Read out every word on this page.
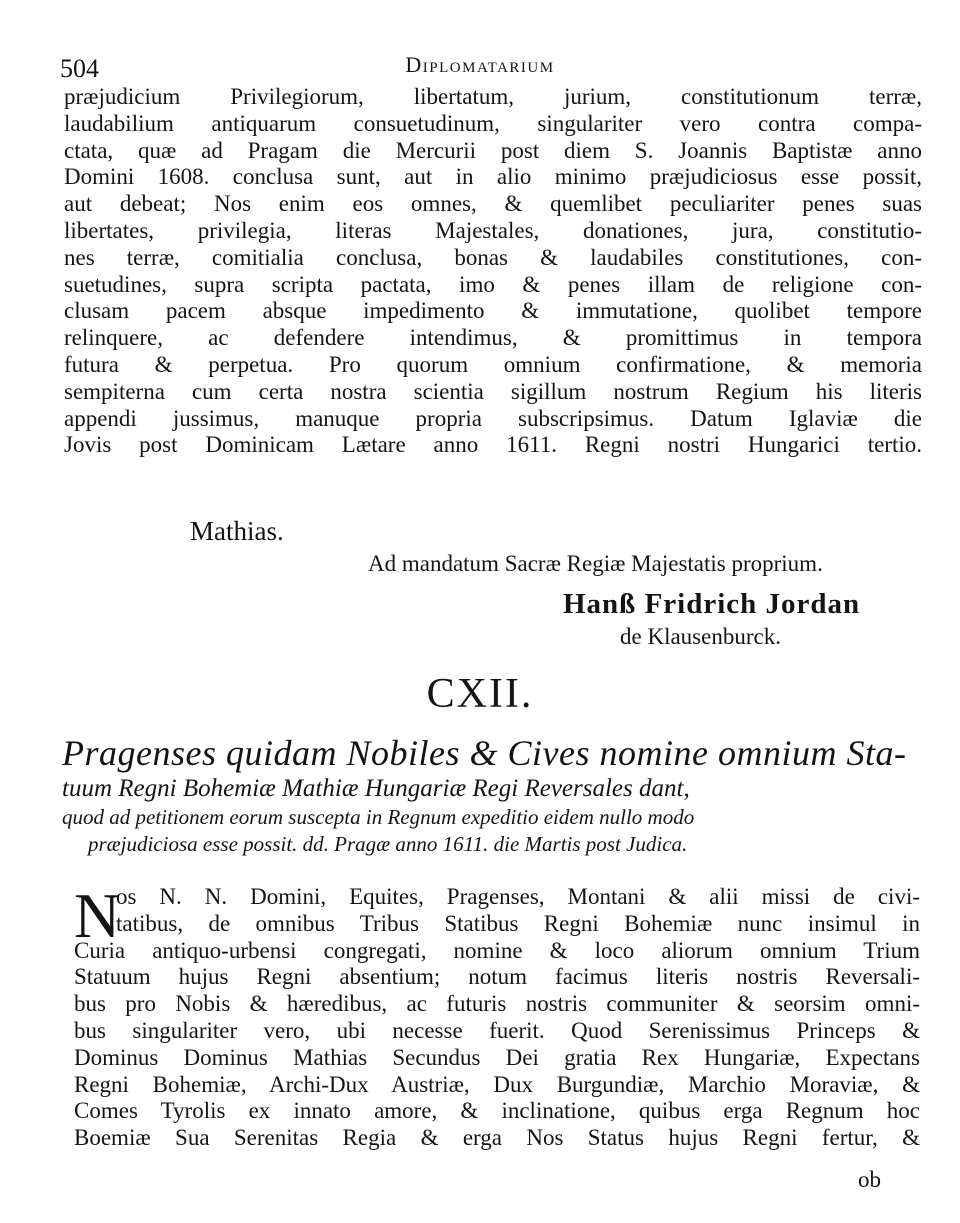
504	Diplomatarium
præjudicium Privilegiorum, libertatum, jurium, constitutionum terræ,
laudabilium antiquarum consuetudinum, singulariter vero contra compa-
ctata, quæ ad Pragam die Mercurii post diem S. Joannis Baptistæ anno
Domini 1608. conclusa sunt, aut in alio minimo præjudiciosus esse possit,
aut debeat; Nos enim eos omnes, & quemlibet peculiariter penes suas
libertates, privilegia, literas Majestales, donationes, jura, constitutio-
nes terræ, comitialia conclusa, bonas & laudabiles constitutiones, con-
suetudines, supra scripta pactata, imo & penes illam de religione con-
clusam pacem absque impedimento & immutatione, quolibet tempore
relinquere, ac defendere intendimus, & promittimus in tempora
futura & perpetua. Pro quorum omnium confirmatione, & memoria
sempiterna cum certa nostra scientia sigillum nostrum Regium his literis
appendi jussimus, manuque propria subscripsimus. Datum Iglaviæ die
Jovis post Dominicam Lætare anno 1611. Regni nostri Hungarici tertio.
Mathias.
Ad mandatum Sacræ Regiæ Majestatis proprium.
Hanß Fridrich Jordan
de Klausenburck.
CXII.
Pragenses quidam Nobiles & Cives nomine omnium Sta-
tuum Regni Bohemiæ Mathiæ Hungariæ Regi Reversales dant,
quod ad petitionem eorum suscepta in Regnum expeditio eidem nullo modo
præjudiciosa esse possit. dd. Pragæ anno 1611. die Martis post Judica.
N
os N. N. Domini, Equites, Pragenses, Montani & alii missi de civi-
tatibus, de omnibus Tribus Statibus Regni Bohemiæ nunc insimul in
Curia antiquo-urbensi congregati, nomine & loco aliorum omnium Trium
Statuum hujus Regni absentium; notum facimus literis nostris Reversali-
bus pro Nobis & hæredibus, ac futuris nostris communiter & seorsim omni-
bus singulariter vero, ubi necesse fuerit. Quod Serenissimus Princeps &
Dominus Dominus Mathias Secundus Dei gratia Rex Hungariæ, Expectans
Regni Bohemiæ, Archi-Dux Austriæ, Dux Burgundiæ, Marchio Moraviæ, &
Comes Tyrolis ex innato amore, & inclinatione, quibus erga Regnum hoc
Boemiæ Sua Serenitas Regia & erga Nos Status hujus Regni fertur, &
ob
